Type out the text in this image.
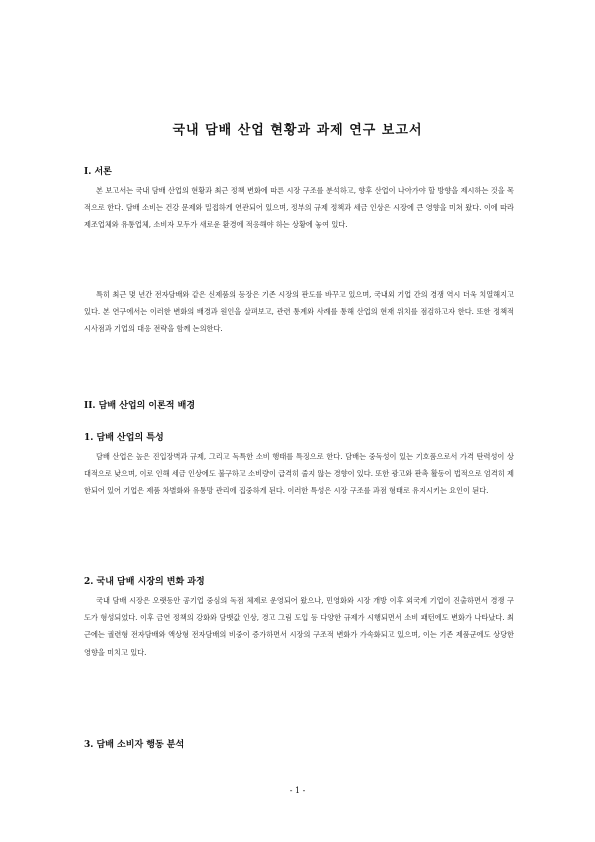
국내 담배 산업 현황과 과제 연구 보고서
I. 서론
본 보고서는 국내 담배 산업의 현황과 최근 정책 변화에 따른 시장 구조를 분석하고, 향후 산업이 나아가야 할 방향을 제시하는 것을 목적으로 한다. 담배 소비는 건강 문제와 밀접하게 연관되어 있으며, 정부의 규제 정책과 세금 인상은 시장에 큰 영향을 미쳐 왔다. 이에 따라 제조업체와 유통업체, 소비자 모두가 새로운 환경에 적응해야 하는 상황에 놓여 있다.
특히 최근 몇 년간 전자담배와 같은 신제품의 등장은 기존 시장의 판도를 바꾸고 있으며, 국내외 기업 간의 경쟁 역시 더욱 치열해지고 있다. 본 연구에서는 이러한 변화의 배경과 원인을 살펴보고, 관련 통계와 사례를 통해 산업의 현재 위치를 점검하고자 한다. 또한 정책적 시사점과 기업의 대응 전략을 함께 논의한다.
II. 담배 산업의 이론적 배경
1. 담배 산업의 특성
담배 산업은 높은 진입장벽과 규제, 그리고 독특한 소비 행태를 특징으로 한다. 담배는 중독성이 있는 기호품으로서 가격 탄력성이 상대적으로 낮으며, 이로 인해 세금 인상에도 불구하고 소비량이 급격히 줄지 않는 경향이 있다. 또한 광고와 판촉 활동이 법적으로 엄격히 제한되어 있어 기업은 제품 차별화와 유통망 관리에 집중하게 된다. 이러한 특성은 시장 구조를 과점 형태로 유지시키는 요인이 된다.
2. 국내 담배 시장의 변화 과정
국내 담배 시장은 오랫동안 공기업 중심의 독점 체제로 운영되어 왔으나, 민영화와 시장 개방 이후 외국계 기업이 진출하면서 경쟁 구도가 형성되었다. 이후 금연 정책의 강화와 담뱃값 인상, 경고 그림 도입 등 다양한 규제가 시행되면서 소비 패턴에도 변화가 나타났다. 최근에는 궐련형 전자담배와 액상형 전자담배의 비중이 증가하면서 시장의 구조적 변화가 가속화되고 있으며, 이는 기존 제품군에도 상당한 영향을 미치고 있다.
3. 담배 소비자 행동 분석
- 1 -
